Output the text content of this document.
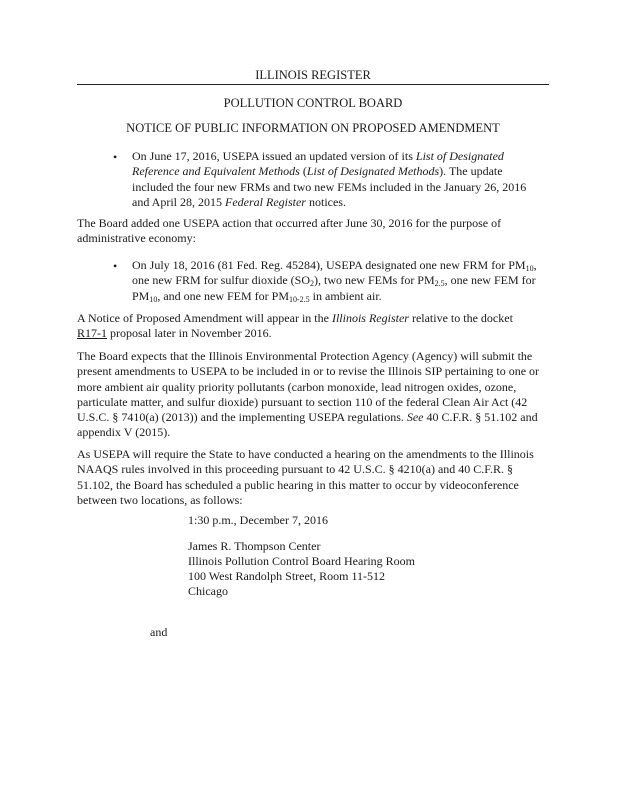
ILLINOIS REGISTER
POLLUTION CONTROL BOARD
NOTICE OF PUBLIC INFORMATION ON PROPOSED AMENDMENT
• On June 17, 2016, USEPA issued an updated version of its List of Designated Reference and Equivalent Methods (List of Designated Methods). The update included the four new FRMs and two new FEMs included in the January 26, 2016 and April 28, 2015 Federal Register notices.

The Board added one USEPA action that occurred after June 30, 2016 for the purpose of administrative economy:

• On July 18, 2016 (81 Fed. Reg. 45284), USEPA designated one new FRM for $PM_{10}$, one new FRM for sulfur dioxide $(SO_2)$, two new FEMs for $PM_{2.5}$, one new FEM for $PM_{10}$, and one new FEM for $PM_{10-2.5}$ in ambient air.

A Notice of Proposed Amendment will appear in the Illinois Register relative to the docket R17-1 proposal later in November 2016.

The Board expects that the Illinois Environmental Protection Agency (Agency) will submit the present amendments to USEPA to be included in or to revise the Illinois SIP pertaining to one or more ambient air quality priority pollutants (carbon monoxide, lead nitrogen oxides, ozone, particulate matter, and sulfur dioxide) pursuant to section 110 of the federal Clean Air Act (42 U.S.C. § 7410(a) (2013)) and the implementing USEPA regulations. See 40 C.F.R. § 51.102 and appendix V (2015).

As USEPA will require the State to have conducted a hearing on the amendments to the Illinois NAAQS rules involved in this proceeding pursuant to 42 U.S.C. § 4210(a) and 40 C.F.R. § 51.102, the Board has scheduled a public hearing in this matter to occur by videoconference between two locations, as follows:

1:30 p.m., December 7, 2016
James R. Thompson Center
Illinois Pollution Control Board Hearing Room
100 West Randolph Street, Room 11-512
Chicago
and
